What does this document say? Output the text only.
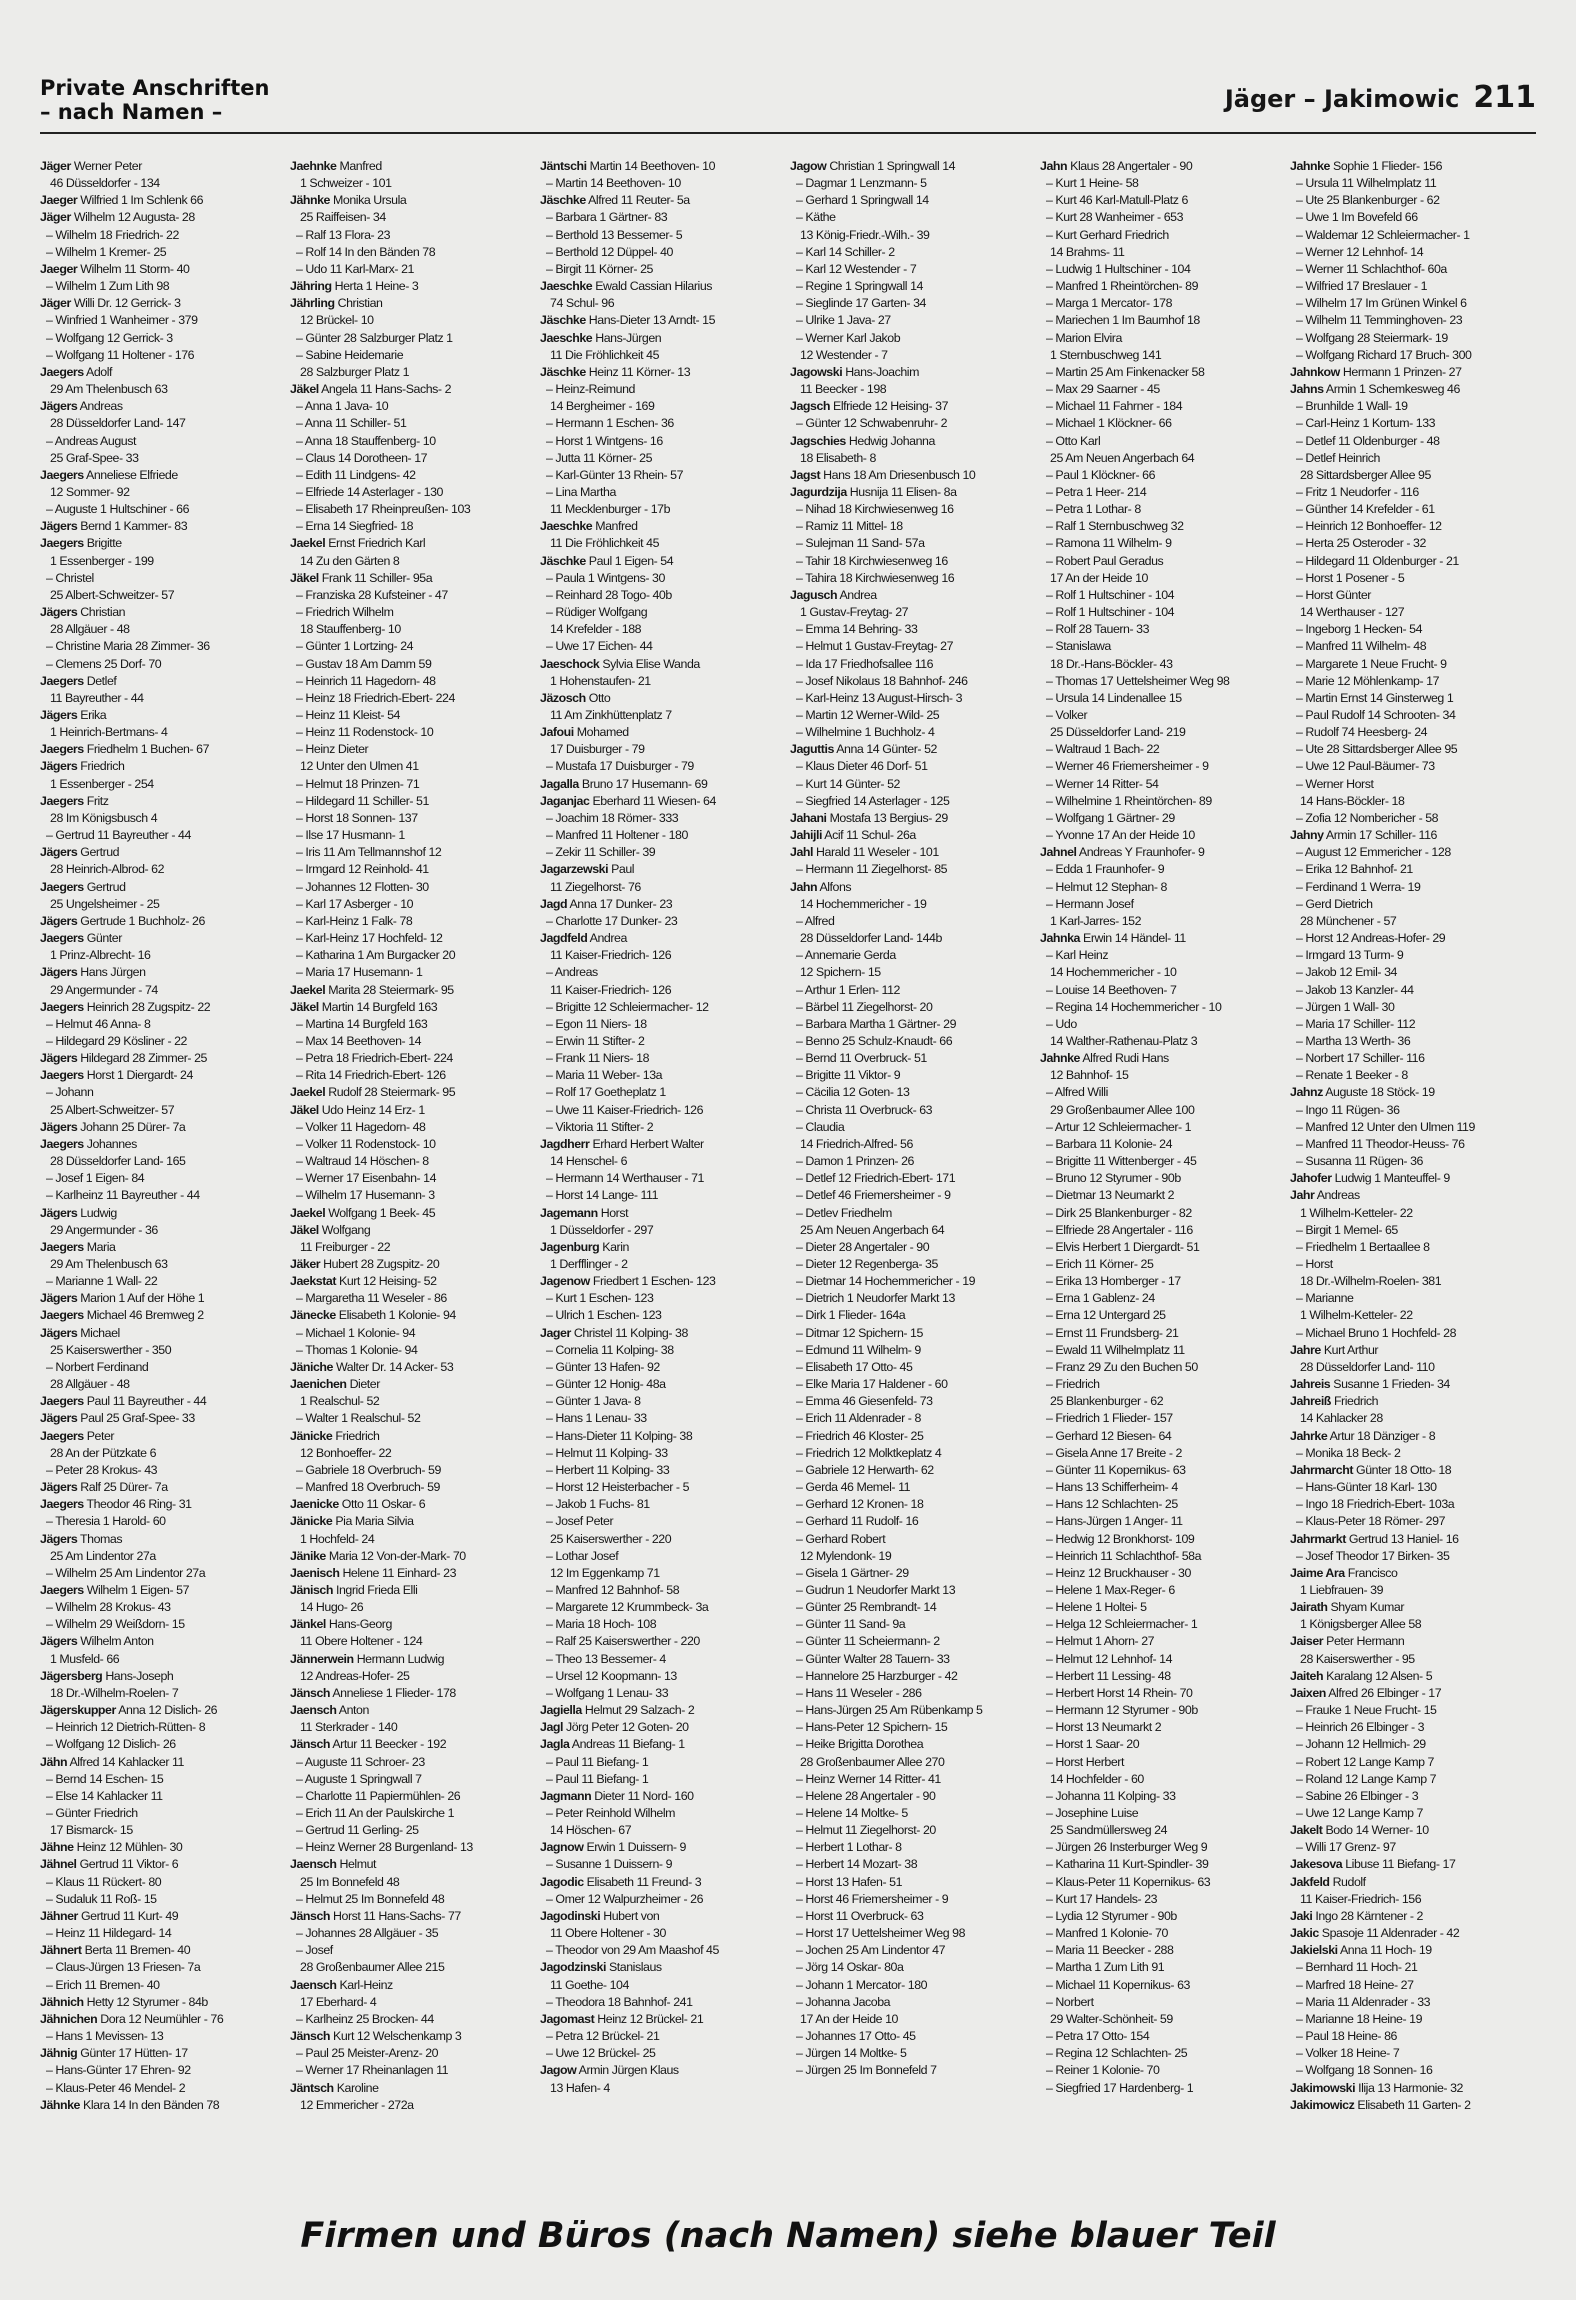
Private Anschriften
– nach Namen –	Jäger – Jakimowic 211
Jäger Werner Peter
46 Düsseldorfer - 134
Jaeger Wilfried 1 Im Schlenk 66
Jäger Wilhelm 12 Augusta- 28
– Wilhelm 18 Friedrich- 22
– Wilhelm 1 Kremer- 25
Jaeger Wilhelm 11 Storm- 40
– Wilhelm 1 Zum Lith 98
Jäger Willi Dr. 12 Gerrick- 3
– Winfried 1 Wanheimer - 379
– Wolfgang 12 Gerrick- 3
– Wolfgang 11 Holtener - 176
Jaegers Adolf
29 Am Thelenbusch 63
Jägers Andreas
28 Düsseldorfer Land- 147
– Andreas August
25 Graf-Spee- 33
Jaegers Anneliese Elfriede
12 Sommer- 92
– Auguste 1 Hultschiner - 66
Jägers Bernd 1 Kammer- 83
Jaegers Brigitte
1 Essenberger - 199
– Christel
25 Albert-Schweitzer- 57
Jägers Christian
28 Allgäuer - 48
– Christine Maria 28 Zimmer- 36
– Clemens 25 Dorf- 70
Jaegers Detlef
11 Bayreuther - 44
Jägers Erika
1 Heinrich-Bertmans- 4
Jaegers Friedhelm 1 Buchen- 67
Jägers Friedrich
1 Essenberger - 254
Jaegers Fritz
28 Im Königsbusch 4
– Gertrud 11 Bayreuther - 44
Jägers Gertrud
28 Heinrich-Albrod- 62
Jaegers Gertrud
25 Ungelsheimer - 25
Jägers Gertrude 1 Buchholz- 26
Jaegers Günter
1 Prinz-Albrecht- 16
Jägers Hans Jürgen
29 Angermunder - 74
Jaegers Heinrich 28 Zugspitz- 22
– Helmut 46 Anna- 8
– Hildegard 29 Kösliner - 22
Jägers Hildegard 28 Zimmer- 25
Jaegers Horst 1 Diergardt- 24
– Johann
25 Albert-Schweitzer- 57
Jägers Johann 25 Dürer- 7a
Jaegers Johannes
28 Düsseldorfer Land- 165
– Josef 1 Eigen- 84
– Karlheinz 11 Bayreuther - 44
Jägers Ludwig
29 Angermunder - 36
Jaegers Maria
29 Am Thelenbusch 63
– Marianne 1 Wall- 22
Jägers Marion 1 Auf der Höhe 1
Jaegers Michael 46 Bremweg 2
Jägers Michael
25 Kaiserswerther - 350
– Norbert Ferdinand
28 Allgäuer - 48
Jaegers Paul 11 Bayreuther - 44
Jägers Paul 25 Graf-Spee- 33
Jaegers Peter
28 An der Pützkate 6
– Peter 28 Krokus- 43
Jägers Ralf 25 Dürer- 7a
Jaegers Theodor 46 Ring- 31
– Theresia 1 Harold- 60
Jägers Thomas
25 Am Lindentor 27a
– Wilhelm 25 Am Lindentor 27a
Jaegers Wilhelm 1 Eigen- 57
– Wilhelm 28 Krokus- 43
– Wilhelm 29 Weißdorn- 15
Jägers Wilhelm Anton
1 Musfeld- 66
Jägersberg Hans-Joseph
18 Dr.-Wilhelm-Roelen- 7
Jägerskupper Anna 12 Dislich- 26
– Heinrich 12 Dietrich-Rütten- 8
– Wolfgang 12 Dislich- 26
Jähn Alfred 14 Kahlacker 11
– Bernd 14 Eschen- 15
– Else 14 Kahlacker 11
– Günter Friedrich
17 Bismarck- 15
Jähne Heinz 12 Mühlen- 30
Jähnel Gertrud 11 Viktor- 6
– Klaus 11 Rückert- 80
– Sudaluk 11 Roß- 15
Jähner Gertrud 11 Kurt- 49
– Heinz 11 Hildegard- 14
Jähnert Berta 11 Bremen- 40
– Claus-Jürgen 13 Friesen- 7a
– Erich 11 Bremen- 40
Jähnich Hetty 12 Styrumer - 84b
Jähnichen Dora 12 Neumühler - 76
– Hans 1 Mevissen- 13
Jähnig Günter 17 Hütten- 17
– Hans-Günter 17 Ehren- 92
– Klaus-Peter 46 Mendel- 2
Jähnke Klara 14 In den Bänden 78
Jaehnke Manfred
1 Schweizer - 101
Jähnke Monika Ursula
25 Raiffeisen- 34
– Ralf 13 Flora- 23
– Rolf 14 In den Bänden 78
– Udo 11 Karl-Marx- 21
Jähring Herta 1 Heine- 3
Jährling Christian
12 Brückel- 10
– Günter 28 Salzburger Platz 1
– Sabine Heidemarie
28 Salzburger Platz 1
Jäkel Angela 11 Hans-Sachs- 2
– Anna 1 Java- 10
– Anna 11 Schiller- 51
– Anna 18 Stauffenberg- 10
– Claus 14 Dorotheen- 17
– Edith 11 Lindgens- 42
– Elfriede 14 Asterlager - 130
– Elisabeth 17 Rheinpreußen- 103
– Erna 14 Siegfried- 18
Jaekel Ernst Friedrich Karl
14 Zu den Gärten 8
Jäkel Frank 11 Schiller- 95a
– Franziska 28 Kufsteiner - 47
– Friedrich Wilhelm
18 Stauffenberg- 10
– Günter 1 Lortzing- 24
– Gustav 18 Am Damm 59
– Heinrich 11 Hagedorn- 48
– Heinz 18 Friedrich-Ebert- 224
– Heinz 11 Kleist- 54
– Heinz 11 Rodenstock- 10
– Heinz Dieter
12 Unter den Ulmen 41
– Helmut 18 Prinzen- 71
– Hildegard 11 Schiller- 51
– Horst 18 Sonnen- 137
– Ilse 17 Husmann- 1
– Iris 11 Am Tellmannshof 12
– Irmgard 12 Reinhold- 41
– Johannes 12 Flotten- 30
– Karl 17 Asberger - 10
– Karl-Heinz 1 Falk- 78
– Karl-Heinz 17 Hochfeld- 12
– Katharina 1 Am Burgacker 20
– Maria 17 Husemann- 1
Jaekel Marita 28 Steiermark- 95
Jäkel Martin 14 Burgfeld 163
– Martina 14 Burgfeld 163
– Max 14 Beethoven- 14
– Petra 18 Friedrich-Ebert- 224
– Rita 14 Friedrich-Ebert- 126
Jaekel Rudolf 28 Steiermark- 95
Jäkel Udo Heinz 14 Erz- 1
– Volker 11 Hagedorn- 48
– Volker 11 Rodenstock- 10
– Waltraud 14 Höschen- 8
– Werner 17 Eisenbahn- 14
– Wilhelm 17 Husemann- 3
Jaekel Wolfgang 1 Beek- 45
Jäkel Wolfgang
11 Freiburger - 22
Jäker Hubert 28 Zugspitz- 20
Jaekstat Kurt 12 Heising- 52
– Margaretha 11 Weseler - 86
Jänecke Elisabeth 1 Kolonie- 94
– Michael 1 Kolonie- 94
– Thomas 1 Kolonie- 94
Jäniche Walter Dr. 14 Acker- 53
Jaenichen Dieter
1 Realschul- 52
– Walter 1 Realschul- 52
Jänicke Friedrich
12 Bonhoeffer- 22
– Gabriele 18 Overbruch- 59
– Manfred 18 Overbruch- 59
Jaenicke Otto 11 Oskar- 6
Jänicke Pia Maria Silvia
1 Hochfeld- 24
Jänike Maria 12 Von-der-Mark- 70
Jaenisch Helene 11 Einhard- 23
Jänisch Ingrid Frieda Elli
14 Hugo- 26
Jänkel Hans-Georg
11 Obere Holtener - 124
Jännerwein Hermann Ludwig
12 Andreas-Hofer- 25
Jänsch Anneliese 1 Flieder- 178
Jaensch Anton
11 Sterkrader - 140
Jänsch Artur 11 Beecker - 192
– Auguste 11 Schroer- 23
– Auguste 1 Springwall 7
– Charlotte 11 Papiermühlen- 26
– Erich 11 An der Paulskirche 1
– Gertrud 11 Gerling- 25
– Heinz Werner 28 Burgenland- 13
Jaensch Helmut
25 Im Bonnefeld 48
– Helmut 25 Im Bonnefeld 48
Jänsch Horst 11 Hans-Sachs- 77
– Johannes 28 Allgäuer - 35
– Josef
28 Großenbaumer Allee 215
Jaensch Karl-Heinz
17 Eberhard- 4
– Karlheinz 25 Brocken- 44
Jänsch Kurt 12 Welschenkamp 3
– Paul 25 Meister-Arenz- 20
– Werner 17 Rheinanlagen 11
Jäntsch Karoline
12 Emmericher - 272a
Jäntschi Martin 14 Beethoven- 10
– Martin 14 Beethoven- 10
Jäschke Alfred 11 Reuter- 5a
– Barbara 1 Gärtner- 83
– Berthold 13 Bessemer- 5
– Berthold 12 Düppel- 40
– Birgit 11 Körner- 25
Jaeschke Ewald Cassian Hilarius
74 Schul- 96
Jäschke Hans-Dieter 13 Arndt- 15
Jaeschke Hans-Jürgen
11 Die Fröhlichkeit 45
Jäschke Heinz 11 Körner- 13
– Heinz-Reimund
14 Bergheimer - 169
– Hermann 1 Eschen- 36
– Horst 1 Wintgens- 16
– Jutta 11 Körner- 25
– Karl-Günter 13 Rhein- 57
– Lina Martha
11 Mecklenburger - 17b
Jaeschke Manfred
11 Die Fröhlichkeit 45
Jäschke Paul 1 Eigen- 54
– Paula 1 Wintgens- 30
– Reinhard 28 Togo- 40b
– Rüdiger Wolfgang
14 Krefelder - 188
– Uwe 17 Eichen- 44
Jaeschock Sylvia Elise Wanda
1 Hohenstaufen- 21
Jäzosch Otto
11 Am Zinkhüttenplatz 7
Jafoui Mohamed
17 Duisburger - 79
– Mustafa 17 Duisburger - 79
Jagalla Bruno 17 Husemann- 69
Jaganjac Eberhard 11 Wiesen- 64
– Joachim 18 Römer- 333
– Manfred 11 Holtener - 180
– Zekir 11 Schiller- 39
Jagarzewski Paul
11 Ziegelhorst- 76
Jagd Anna 17 Dunker- 23
– Charlotte 17 Dunker- 23
Jagdfeld Andrea
11 Kaiser-Friedrich- 126
– Andreas
11 Kaiser-Friedrich- 126
– Brigitte 12 Schleiermacher- 12
– Egon 11 Niers- 18
– Erwin 11 Stifter- 2
– Frank 11 Niers- 18
– Maria 11 Weber- 13a
– Rolf 17 Goetheplatz 1
– Uwe 11 Kaiser-Friedrich- 126
– Viktoria 11 Stifter- 2
Jagdherr Erhard Herbert Walter
14 Henschel- 6
– Hermann 14 Werthauser - 71
– Horst 14 Lange- 111
Jagemann Horst
1 Düsseldorfer - 297
Jagenburg Karin
1 Derfflinger - 2
Jagenow Friedbert 1 Eschen- 123
– Kurt 1 Eschen- 123
– Ulrich 1 Eschen- 123
Jager Christel 11 Kolping- 38
– Cornelia 11 Kolping- 38
– Günter 13 Hafen- 92
– Günter 12 Honig- 48a
– Günter 1 Java- 8
– Hans 1 Lenau- 33
– Hans-Dieter 11 Kolping- 38
– Helmut 11 Kolping- 33
– Herbert 11 Kolping- 33
– Horst 12 Heisterbacher - 5
– Jakob 1 Fuchs- 81
– Josef Peter
25 Kaiserswerther - 220
– Lothar Josef
12 Im Eggenkamp 71
– Manfred 12 Bahnhof- 58
– Margarete 12 Krummbeck- 3a
– Maria 18 Hoch- 108
– Ralf 25 Kaiserswerther - 220
– Theo 13 Bessemer- 4
– Ursel 12 Koopmann- 13
– Wolfgang 1 Lenau- 33
Jagiella Helmut 29 Salzach- 2
Jagl Jörg Peter 12 Goten- 20
Jagla Andreas 11 Biefang- 1
– Paul 11 Biefang- 1
– Paul 11 Biefang- 1
Jagmann Dieter 11 Nord- 160
– Peter Reinhold Wilhelm
14 Höschen- 67
Jagnow Erwin 1 Duissern- 9
– Susanne 1 Duissern- 9
Jagodic Elisabeth 11 Freund- 3
– Omer 12 Walpurzheimer - 26
Jagodinski Hubert von
11 Obere Holtener - 30
– Theodor von 29 Am Maashof 45
Jagodzinski Stanislaus
11 Goethe- 104
– Theodora 18 Bahnhof- 241
Jagomast Heinz 12 Brückel- 21
– Petra 12 Brückel- 21
– Uwe 12 Brückel- 25
Jagow Armin Jürgen Klaus
13 Hafen- 4
Jagow Christian 1 Springwall 14
– Dagmar 1 Lenzmann- 5
– Gerhard 1 Springwall 14
– Käthe
13 König-Friedr.-Wilh.- 39
– Karl 14 Schiller- 2
– Karl 12 Westender - 7
– Regine 1 Springwall 14
– Sieglinde 17 Garten- 34
– Ulrike 1 Java- 27
– Werner Karl Jakob
12 Westender - 7
Jagowski Hans-Joachim
11 Beecker - 198
Jagsch Elfriede 12 Heising- 37
– Günter 12 Schwabenruhr- 2
Jagschies Hedwig Johanna
18 Elisabeth- 8
Jagst Hans 18 Am Driesenbusch 10
Jagurdzija Husnija 11 Elisen- 8a
– Nihad 18 Kirchwiesenweg 16
– Ramiz 11 Mittel- 18
– Sulejman 11 Sand- 57a
– Tahir 18 Kirchwiesenweg 16
– Tahira 18 Kirchwiesenweg 16
Jagusch Andrea
1 Gustav-Freytag- 27
– Emma 14 Behring- 33
– Helmut 1 Gustav-Freytag- 27
– Ida 17 Friedhofsallee 116
– Josef Nikolaus 18 Bahnhof- 246
– Karl-Heinz 13 August-Hirsch- 3
– Martin 12 Werner-Wild- 25
– Wilhelmine 1 Buchholz- 4
Jaguttis Anna 14 Günter- 52
– Klaus Dieter 46 Dorf- 51
– Kurt 14 Günter- 52
– Siegfried 14 Asterlager - 125
Jahani Mostafa 13 Bergius- 29
Jahijli Acif 11 Schul- 26a
Jahl Harald 11 Weseler - 101
– Hermann 11 Ziegelhorst- 85
Jahn Alfons
14 Hochemmericher - 19
– Alfred
28 Düsseldorfer Land- 144b
– Annemarie Gerda
12 Spichern- 15
– Arthur 1 Erlen- 112
– Bärbel 11 Ziegelhorst- 20
– Barbara Martha 1 Gärtner- 29
– Benno 25 Schulz-Knaudt- 66
– Bernd 11 Overbruck- 51
– Brigitte 11 Viktor- 9
– Cäcilia 12 Goten- 13
– Christa 11 Overbruck- 63
– Claudia
14 Friedrich-Alfred- 56
– Damon 1 Prinzen- 26
– Detlef 12 Friedrich-Ebert- 171
– Detlef 46 Friemersheimer - 9
– Detlev Friedhelm
25 Am Neuen Angerbach 64
– Dieter 28 Angertaler - 90
– Dieter 12 Regenberga- 35
– Dietmar 14 Hochemmericher - 19
– Dietrich 1 Neudorfer Markt 13
– Dirk 1 Flieder- 164a
– Ditmar 12 Spichern- 15
– Edmund 11 Wilhelm- 9
– Elisabeth 17 Otto- 45
– Elke Maria 17 Haldener - 60
– Emma 46 Giesenfeld- 73
– Erich 11 Aldenrader - 8
– Friedrich 46 Kloster- 25
– Friedrich 12 Molktkeplatz 4
– Gabriele 12 Herwarth- 62
– Gerda 46 Memel- 11
– Gerhard 12 Kronen- 18
– Gerhard 11 Rudolf- 16
– Gerhard Robert
12 Mylendonk- 19
– Gisela 1 Gärtner- 29
– Gudrun 1 Neudorfer Markt 13
– Günter 25 Rembrandt- 14
– Günter 11 Sand- 9a
– Günter 11 Scheiermann- 2
– Günter Walter 28 Tauern- 33
– Hannelore 25 Harzburger - 42
– Hans 11 Weseler - 286
– Hans-Jürgen 25 Am Rübenkamp 5
– Hans-Peter 12 Spichern- 15
– Heike Brigitta Dorothea
28 Großenbaumer Allee 270
– Heinz Werner 14 Ritter- 41
– Helene 28 Angertaler - 90
– Helene 14 Moltke- 5
– Helmut 11 Ziegelhorst- 20
– Herbert 1 Lothar- 8
– Herbert 14 Mozart- 38
– Horst 13 Hafen- 51
– Horst 46 Friemersheimer - 9
– Horst 11 Overbruck- 63
– Horst 17 Uettelsheimer Weg 98
– Jochen 25 Am Lindentor 47
– Jörg 14 Oskar- 80a
– Johann 1 Mercator- 180
– Johanna Jacoba
17 An der Heide 10
– Johannes 17 Otto- 45
– Jürgen 14 Moltke- 5
– Jürgen 25 Im Bonnefeld 7
Jahn Klaus 28 Angertaler - 90
– Kurt 1 Heine- 58
– Kurt 46 Karl-Matull-Platz 6
– Kurt 28 Wanheimer - 653
– Kurt Gerhard Friedrich
14 Brahms- 11
– Ludwig 1 Hultschiner - 104
– Manfred 1 Rheintörchen- 89
– Marga 1 Mercator- 178
– Mariechen 1 Im Baumhof 18
– Marion Elvira
1 Sternbuschweg 141
– Martin 25 Am Finkenacker 58
– Max 29 Saarner - 45
– Michael 11 Fahrner - 184
– Michael 1 Klöckner- 66
– Otto Karl
25 Am Neuen Angerbach 64
– Paul 1 Klöckner- 66
– Petra 1 Heer- 214
– Petra 1 Lothar- 8
– Ralf 1 Sternbuschweg 32
– Ramona 11 Wilhelm- 9
– Robert Paul Geradus
17 An der Heide 10
– Rolf 1 Hultschiner - 104
– Rolf 1 Hultschiner - 104
– Rolf 28 Tauern- 33
– Stanislawa
18 Dr.-Hans-Böckler- 43
– Thomas 17 Uettelsheimer Weg 98
– Ursula 14 Lindenallee 15
– Volker
25 Düsseldorfer Land- 219
– Waltraud 1 Bach- 22
– Werner 46 Friemersheimer - 9
– Werner 14 Ritter- 54
– Wilhelmine 1 Rheintörchen- 89
– Wolfgang 1 Gärtner- 29
– Yvonne 17 An der Heide 10
Jahnel Andreas Y Fraunhofer- 9
– Edda 1 Fraunhofer- 9
– Helmut 12 Stephan- 8
– Hermann Josef
1 Karl-Jarres- 152
Jahnka Erwin 14 Händel- 11
– Karl Heinz
14 Hochemmericher - 10
– Louise 14 Beethoven- 7
– Regina 14 Hochemmericher - 10
– Udo
14 Walther-Rathenau-Platz 3
Jahnke Alfred Rudi Hans
12 Bahnhof- 15
– Alfred Willi
29 Großenbaumer Allee 100
– Artur 12 Schleiermacher- 1
– Barbara 11 Kolonie- 24
– Brigitte 11 Wittenberger - 45
– Bruno 12 Styrumer - 90b
– Dietmar 13 Neumarkt 2
– Dirk 25 Blankenburger - 82
– Elfriede 28 Angertaler - 116
– Elvis Herbert 1 Diergardt- 51
– Erich 11 Körner- 25
– Erika 13 Homberger - 17
– Erna 1 Gablenz- 24
– Erna 12 Untergard 25
– Ernst 11 Frundsberg- 21
– Ewald 11 Wilhelmplatz 11
– Franz 29 Zu den Buchen 50
– Friedrich
25 Blankenburger - 62
– Friedrich 1 Flieder- 157
– Gerhard 12 Biesen- 64
– Gisela Anne 17 Breite - 2
– Günter 11 Kopernikus- 63
– Hans 13 Schifferheim- 4
– Hans 12 Schlachten- 25
– Hans-Jürgen 1 Anger- 11
– Hedwig 12 Bronkhorst- 109
– Heinrich 11 Schlachthof- 58a
– Heinz 12 Bruckhauser - 30
– Helene 1 Max-Reger- 6
– Helene 1 Holtei- 5
– Helga 12 Schleiermacher- 1
– Helmut 1 Ahorn- 27
– Helmut 12 Lehnhof- 14
– Herbert 11 Lessing- 48
– Herbert Horst 14 Rhein- 70
– Hermann 12 Styrumer - 90b
– Horst 13 Neumarkt 2
– Horst 1 Saar- 20
– Horst Herbert
14 Hochfelder - 60
– Johanna 11 Kolping- 33
– Josephine Luise
25 Sandmüllersweg 24
– Jürgen 26 Insterburger Weg 9
– Katharina 11 Kurt-Spindler- 39
– Klaus-Peter 11 Kopernikus- 63
– Kurt 17 Handels- 23
– Lydia 12 Styrumer - 90b
– Manfred 1 Kolonie- 70
– Maria 11 Beecker - 288
– Martha 1 Zum Lith 91
– Michael 11 Kopernikus- 63
– Norbert
29 Walter-Schönheit- 59
– Petra 17 Otto- 154
– Regina 12 Schlachten- 25
– Reiner 1 Kolonie- 70
– Siegfried 17 Hardenberg- 1
Jahnke Sophie 1 Flieder- 156
– Ursula 11 Wilhelmplatz 11
– Ute 25 Blankenburger - 62
– Uwe 1 Im Bovefeld 66
– Waldemar 12 Schleiermacher- 1
– Werner 12 Lehnhof- 14
– Werner 11 Schlachthof- 60a
– Wilfried 17 Breslauer - 1
– Wilhelm 17 Im Grünen Winkel 6
– Wilhelm 11 Temminghoven- 23
– Wolfgang 28 Steiermark- 19
– Wolfgang Richard 17 Bruch- 300
Jahnkow Hermann 1 Prinzen- 27
Jahns Armin 1 Schemkesweg 46
– Brunhilde 1 Wall- 19
– Carl-Heinz 1 Kortum- 133
– Detlef 11 Oldenburger - 48
– Detlef Heinrich
28 Sittardsberger Allee 95
– Fritz 1 Neudorfer - 116
– Günther 14 Krefelder - 61
– Heinrich 12 Bonhoeffer- 12
– Herta 25 Osteroder - 32
– Hildegard 11 Oldenburger - 21
– Horst 1 Posener - 5
– Horst Günter
14 Werthauser - 127
– Ingeborg 1 Hecken- 54
– Manfred 11 Wilhelm- 48
– Margarete 1 Neue Frucht- 9
– Marie 12 Möhlenkamp- 17
– Martin Ernst 14 Ginsterweg 1
– Paul Rudolf 14 Schrooten- 34
– Rudolf 74 Heesberg- 24
– Ute 28 Sittardsberger Allee 95
– Uwe 12 Paul-Bäumer- 73
– Werner Horst
14 Hans-Böckler- 18
– Zofia 12 Nombericher - 58
Jahny Armin 17 Schiller- 116
– August 12 Emmericher - 128
– Erika 12 Bahnhof- 21
– Ferdinand 1 Werra- 19
– Gerd Dietrich
28 Münchener - 57
– Horst 12 Andreas-Hofer- 29
– Irmgard 13 Turm- 9
– Jakob 12 Emil- 34
– Jakob 13 Kanzler- 44
– Jürgen 1 Wall- 30
– Maria 17 Schiller- 112
– Martha 13 Werth- 36
– Norbert 17 Schiller- 116
– Renate 1 Beeker - 8
Jahnz Auguste 18 Stöck- 19
– Ingo 11 Rügen- 36
– Manfred 12 Unter den Ulmen 119
– Manfred 11 Theodor-Heuss- 76
– Susanna 11 Rügen- 36
Jahofer Ludwig 1 Manteuffel- 9
Jahr Andreas
1 Wilhelm-Ketteler- 22
– Birgit 1 Memel- 65
– Friedhelm 1 Bertaallee 8
– Horst
18 Dr.-Wilhelm-Roelen- 381
– Marianne
1 Wilhelm-Ketteler- 22
– Michael Bruno 1 Hochfeld- 28
Jahre Kurt Arthur
28 Düsseldorfer Land- 110
Jahreis Susanne 1 Frieden- 34
Jahreiß Friedrich
14 Kahlacker 28
Jahrke Artur 18 Dänziger - 8
– Monika 18 Beck- 2
Jahrmarcht Günter 18 Otto- 18
– Hans-Günter 18 Karl- 130
– Ingo 18 Friedrich-Ebert- 103a
– Klaus-Peter 18 Römer- 297
Jahrmarkt Gertrud 13 Haniel- 16
– Josef Theodor 17 Birken- 35
Jaime Ara Francisco
1 Liebfrauen- 39
Jairath Shyam Kumar
1 Königsberger Allee 58
Jaiser Peter Hermann
28 Kaiserswerther - 95
Jaiteh Karalang 12 Alsen- 5
Jaixen Alfred 26 Elbinger - 17
– Frauke 1 Neue Frucht- 15
– Heinrich 26 Elbinger - 3
– Johann 12 Hellmich- 29
– Robert 12 Lange Kamp 7
– Roland 12 Lange Kamp 7
– Sabine 26 Elbinger - 3
– Uwe 12 Lange Kamp 7
Jakelt Bodo 14 Werner- 10
– Willi 17 Grenz- 97
Jakesova Libuse 11 Biefang- 17
Jakfeld Rudolf
11 Kaiser-Friedrich- 156
Jaki Ingo 28 Kärntener - 2
Jakic Spasoje 11 Aldenrader - 42
Jakielski Anna 11 Hoch- 19
– Bernhard 11 Hoch- 21
– Marfred 18 Heine- 27
– Maria 11 Aldenrader - 33
– Marianne 18 Heine- 19
– Paul 18 Heine- 86
– Volker 18 Heine- 7
– Wolfgang 18 Sonnen- 16
Jakimowski Ilija 13 Harmonie- 32
Jakimowicz Elisabeth 11 Garten- 2
Firmen und Büros (nach Namen) siehe blauer Teil
